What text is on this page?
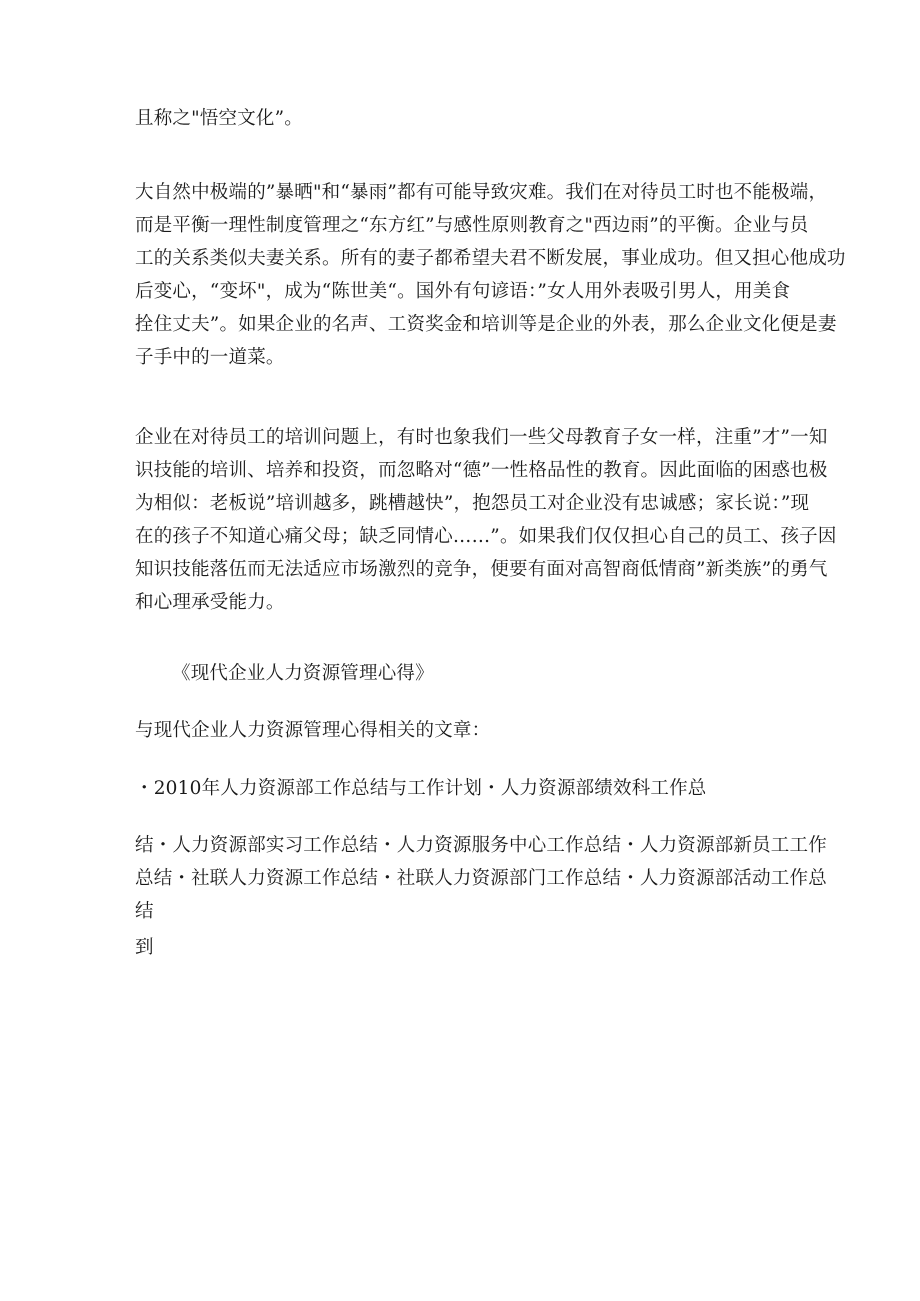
且称之"悟空文化”。
大自然中极端的”暴晒"和“暴雨”都有可能导致灾难。我们在对待员工时也不能极端，
而是平衡一理性制度管理之“东方红”与感性原则教育之"西边雨”的平衡。企业与员
工的关系类似夫妻关系。所有的妻子都希望夫君不断发展，事业成功。但又担心他成功
后变心，“变坏"，成为“陈世美“。国外有句谚语：”女人用外表吸引男人，用美食
拴住丈夫”。如果企业的名声、工资奖金和培训等是企业的外表，那么企业文化便是妻
子手中的一道菜。
企业在对待员工的培训问题上，有时也象我们一些父母教育子女一样，注重”才”一知
识技能的培训、培养和投资，而忽略对“德”一性格品性的教育。因此面临的困惑也极
为相似：老板说”培训越多，跳槽越快”，抱怨员工对企业没有忠诚感；家长说：”现
在的孩子不知道心痛父母；缺乏同情心……”。如果我们仅仅担心自己的员工、孩子因
知识技能落伍而无法适应市场激烈的竞争，便要有面对高智商低情商”新类族”的勇气
和心理承受能力。
《现代企业人力资源管理心得》
与现代企业人力资源管理心得相关的文章：
・2010年人力资源部工作总结与工作计划・人力资源部绩效科工作总
结・人力资源部实习工作总结・人力资源服务中心工作总结・人力资源部新员工工作
总结・社联人力资源工作总结・社联人力资源部门工作总结・人力资源部活动工作总
结
到
